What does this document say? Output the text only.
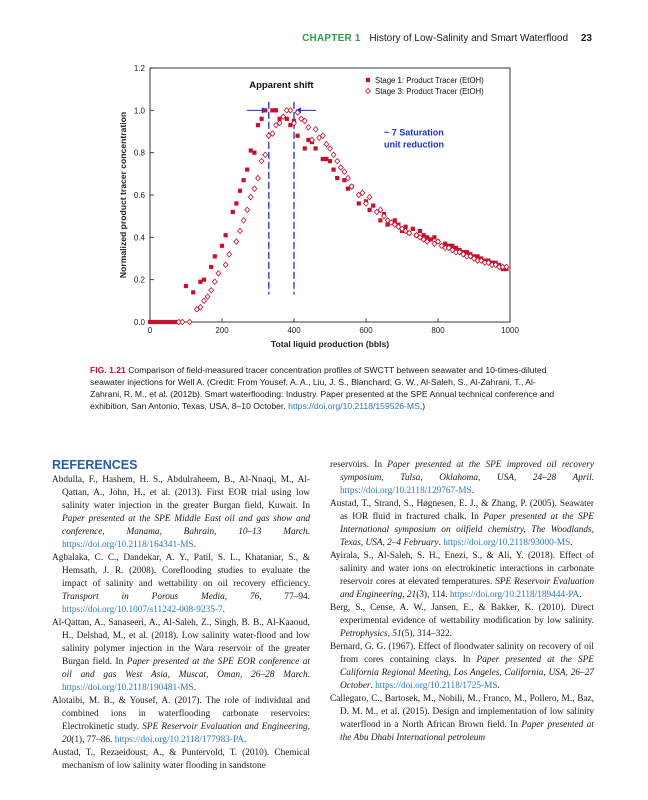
CHAPTER 1 History of Low-Salinity and Smart Waterflood 23
0	200	400	600	800	1000
0.0
0.2
0.4
0.6
0.8
1.0
1.2
Total liquid production (bbls)
Normalized product tracer concentration
Apparent shift
~ 7 Saturation
unit reduction
Stage 1: Product Tracer (EtOH)
Stage 3: Product Tracer (EtOH)
FIG. 1.21 Comparison of field-measured tracer concentration profiles of SWCTT between seawater and 10-times-diluted seawater injections for Well A. (Credit: From Yousef, A. A., Liu, J. S., Blanchard, G. W., Al-Saleh, S., Al-Zahrani, T., Al-Zahrani, R. M., et al. (2012b). Smart waterflooding: Industry. Paper presented at the SPE Annual technical conference and exhibition, San Antonio, Texas, USA, 8–10 October. https://doi.org/10.2118/159526-MS.)
REFERENCES
Abdulla, F., Hashem, H. S., Abdulraheem, B., Al-Nnaqi, M., Al-Qattan, A., John, H., et al. (2013). First EOR trial using low salinity water injection in the greater Burgan field, Kuwait. In Paper presented at the SPE Middle East oil and gas show and conference, Manama, Bahrain, 10–13 March. https://doi.org/10.2118/164341-MS.
Agbalaka, C. C., Dandekar, A. Y., Patil, S. L., Khataniar, S., & Hemsath, J. R. (2008). Coreflooding studies to evaluate the impact of salinity and wettability on oil recovery efficiency. Transport in Porous Media, 76, 77–94. https://doi.org/10.1007/s11242-008-9235-7.
Al-Qattan, A., Sanaseeri, A., Al-Saleh, Z., Singh, B. B., Al-Kaaoud, H., Delshad, M., et al. (2018). Low salinity water-flood and low salinity polymer injection in the Wara reservoir of the greater Burgan field. In Paper presented at the SPE EOR conference at oil and gas West Asia, Muscat, Oman, 26–28 March. https://doi.org/10.2118/190481-MS.
Alotaibi, M. B., & Yousef, A. (2017). The role of individual and combined ions in waterflooding carbonate reservoirs: Electrokinetic study. SPE Reservoir Evaluation and Engineering, 20(1), 77–86. https://doi.org/10.2118/177983-PA.
Austad, T., Rezaeidoust, A., & Puntervold, T. (2010). Chemical mechanism of low salinity water flooding in sandstone
reservoirs. In Paper presented at the SPE improved oil recovery symposium, Tulsa, Oklahoma, USA, 24–28 April. https://doi.org/10.2118/129767-MS.
Austad, T., Strand, S., Høgnesen, E. J., & Zhang, P. (2005). Seawater as IOR fluid in fractured chalk. In Paper presented at the SPE International symposium on oilfield chemistry, The Woodlands, Texas, USA, 2–4 February. https://doi.org/10.2118/93000-MS.
Ayirala, S., Al-Saleh, S. H., Enezi, S., & Ali, Y. (2018). Effect of salinity and water ions on electrokinetic interactions in carbonate reservoir cores at elevated temperatures. SPE Reservoir Evaluation and Engineering, 21(3), 114. https://doi.org/10.2118/189444-PA.
Berg, S., Cense, A. W., Jansen, E., & Bakker, K. (2010). Direct experimental evidence of wettability modification by low salinity. Petrophysics, 51(5), 314–322.
Bernard, G. G. (1967). Effect of floodwater salinity on recovery of oil from cores containing clays. In Paper presented at the SPE California Regional Meeting, Los Angeles, California, USA, 26–27 October. https://doi.org/10.2118/1725-MS.
Callegaro, C., Bartosek, M., Nobili, M., Franco, M., Pollero, M., Baz, D. M. M., et al. (2015). Design and implementation of low salinity waterflood in a North African Brown field. In Paper presented at the Abu Dhabi International petroleum
